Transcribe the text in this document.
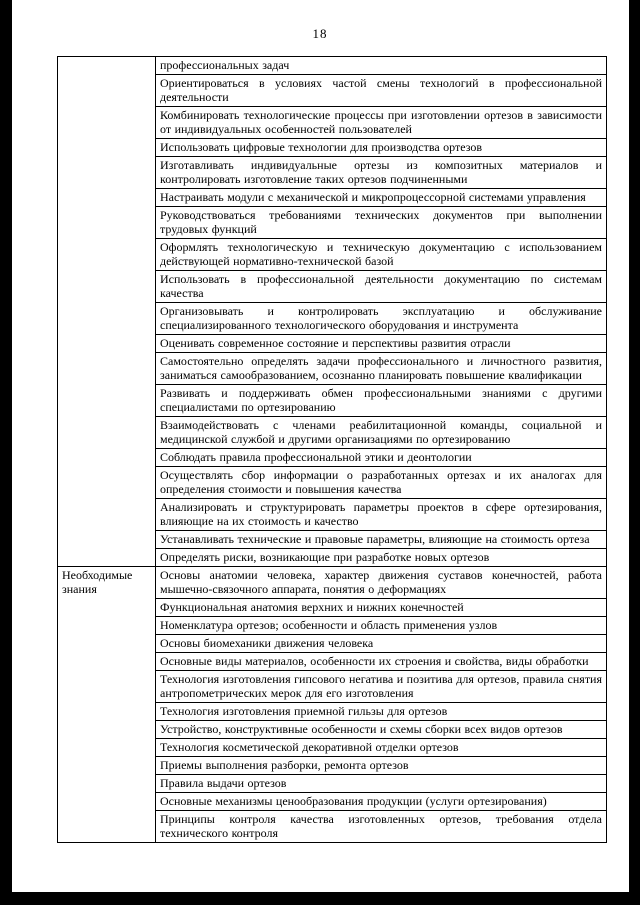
18
	профессиональных задач
	Ориентироваться в условиях частой смены технологий в профессиональной деятельности
	Комбинировать технологические процессы при изготовлении ортезов в зависимости от индивидуальных особенностей пользователей
	Использовать цифровые технологии для производства ортезов
	Изготавливать индивидуальные ортезы из композитных материалов и контролировать изготовление таких ортезов подчиненными
	Настраивать модули с механической и микропроцессорной системами управления
	Руководствоваться требованиями технических документов при выполнении трудовых функций
	Оформлять технологическую и техническую документацию с использованием действующей нормативно-технической базой
	Использовать в профессиональной деятельности документацию по системам качества
	Организовывать и контролировать эксплуатацию и обслуживание специализированного технологического оборудования и инструмента
	Оценивать современное состояние и перспективы развития отрасли
	Самостоятельно определять задачи профессионального и личностного развития, заниматься самообразованием, осознанно планировать повышение квалификации
	Развивать и поддерживать обмен профессиональными знаниями с другими специалистами по ортезированию
	Взаимодействовать с членами реабилитационной команды, социальной и медицинской службой и другими организациями по ортезированию
	Соблюдать правила профессиональной этики и деонтологии
	Осуществлять сбор информации о разработанных ортезах и их аналогах для определения стоимости и повышения качества
	Анализировать и структурировать параметры проектов в сфере ортезирования, влияющие на их стоимость и качество
	Устанавливать технические и правовые параметры, влияющие на стоимость ортеза
	Определять риски, возникающие при разработке новых ортезов
Необходимые знания	Основы анатомии человека, характер движения суставов конечностей, работа мышечно-связочного аппарата, понятия о деформациях
	Функциональная анатомия верхних и нижних конечностей
	Номенклатура ортезов; особенности и область применения узлов
	Основы биомеханики движения человека
	Основные виды материалов, особенности их строения и свойства, виды обработки
	Технология изготовления гипсового негатива и позитива для ортезов, правила снятия антропометрических мерок для его изготовления
	Технология изготовления приемной гильзы для ортезов
	Устройство, конструктивные особенности и схемы сборки всех видов ортезов
	Технология косметической декоративной отделки ортезов
	Приемы выполнения разборки, ремонта ортезов
	Правила выдачи ортезов
	Основные механизмы ценообразования продукции (услуги ортезирования)
	Принципы контроля качества изготовленных ортезов, требования отдела технического контроля
